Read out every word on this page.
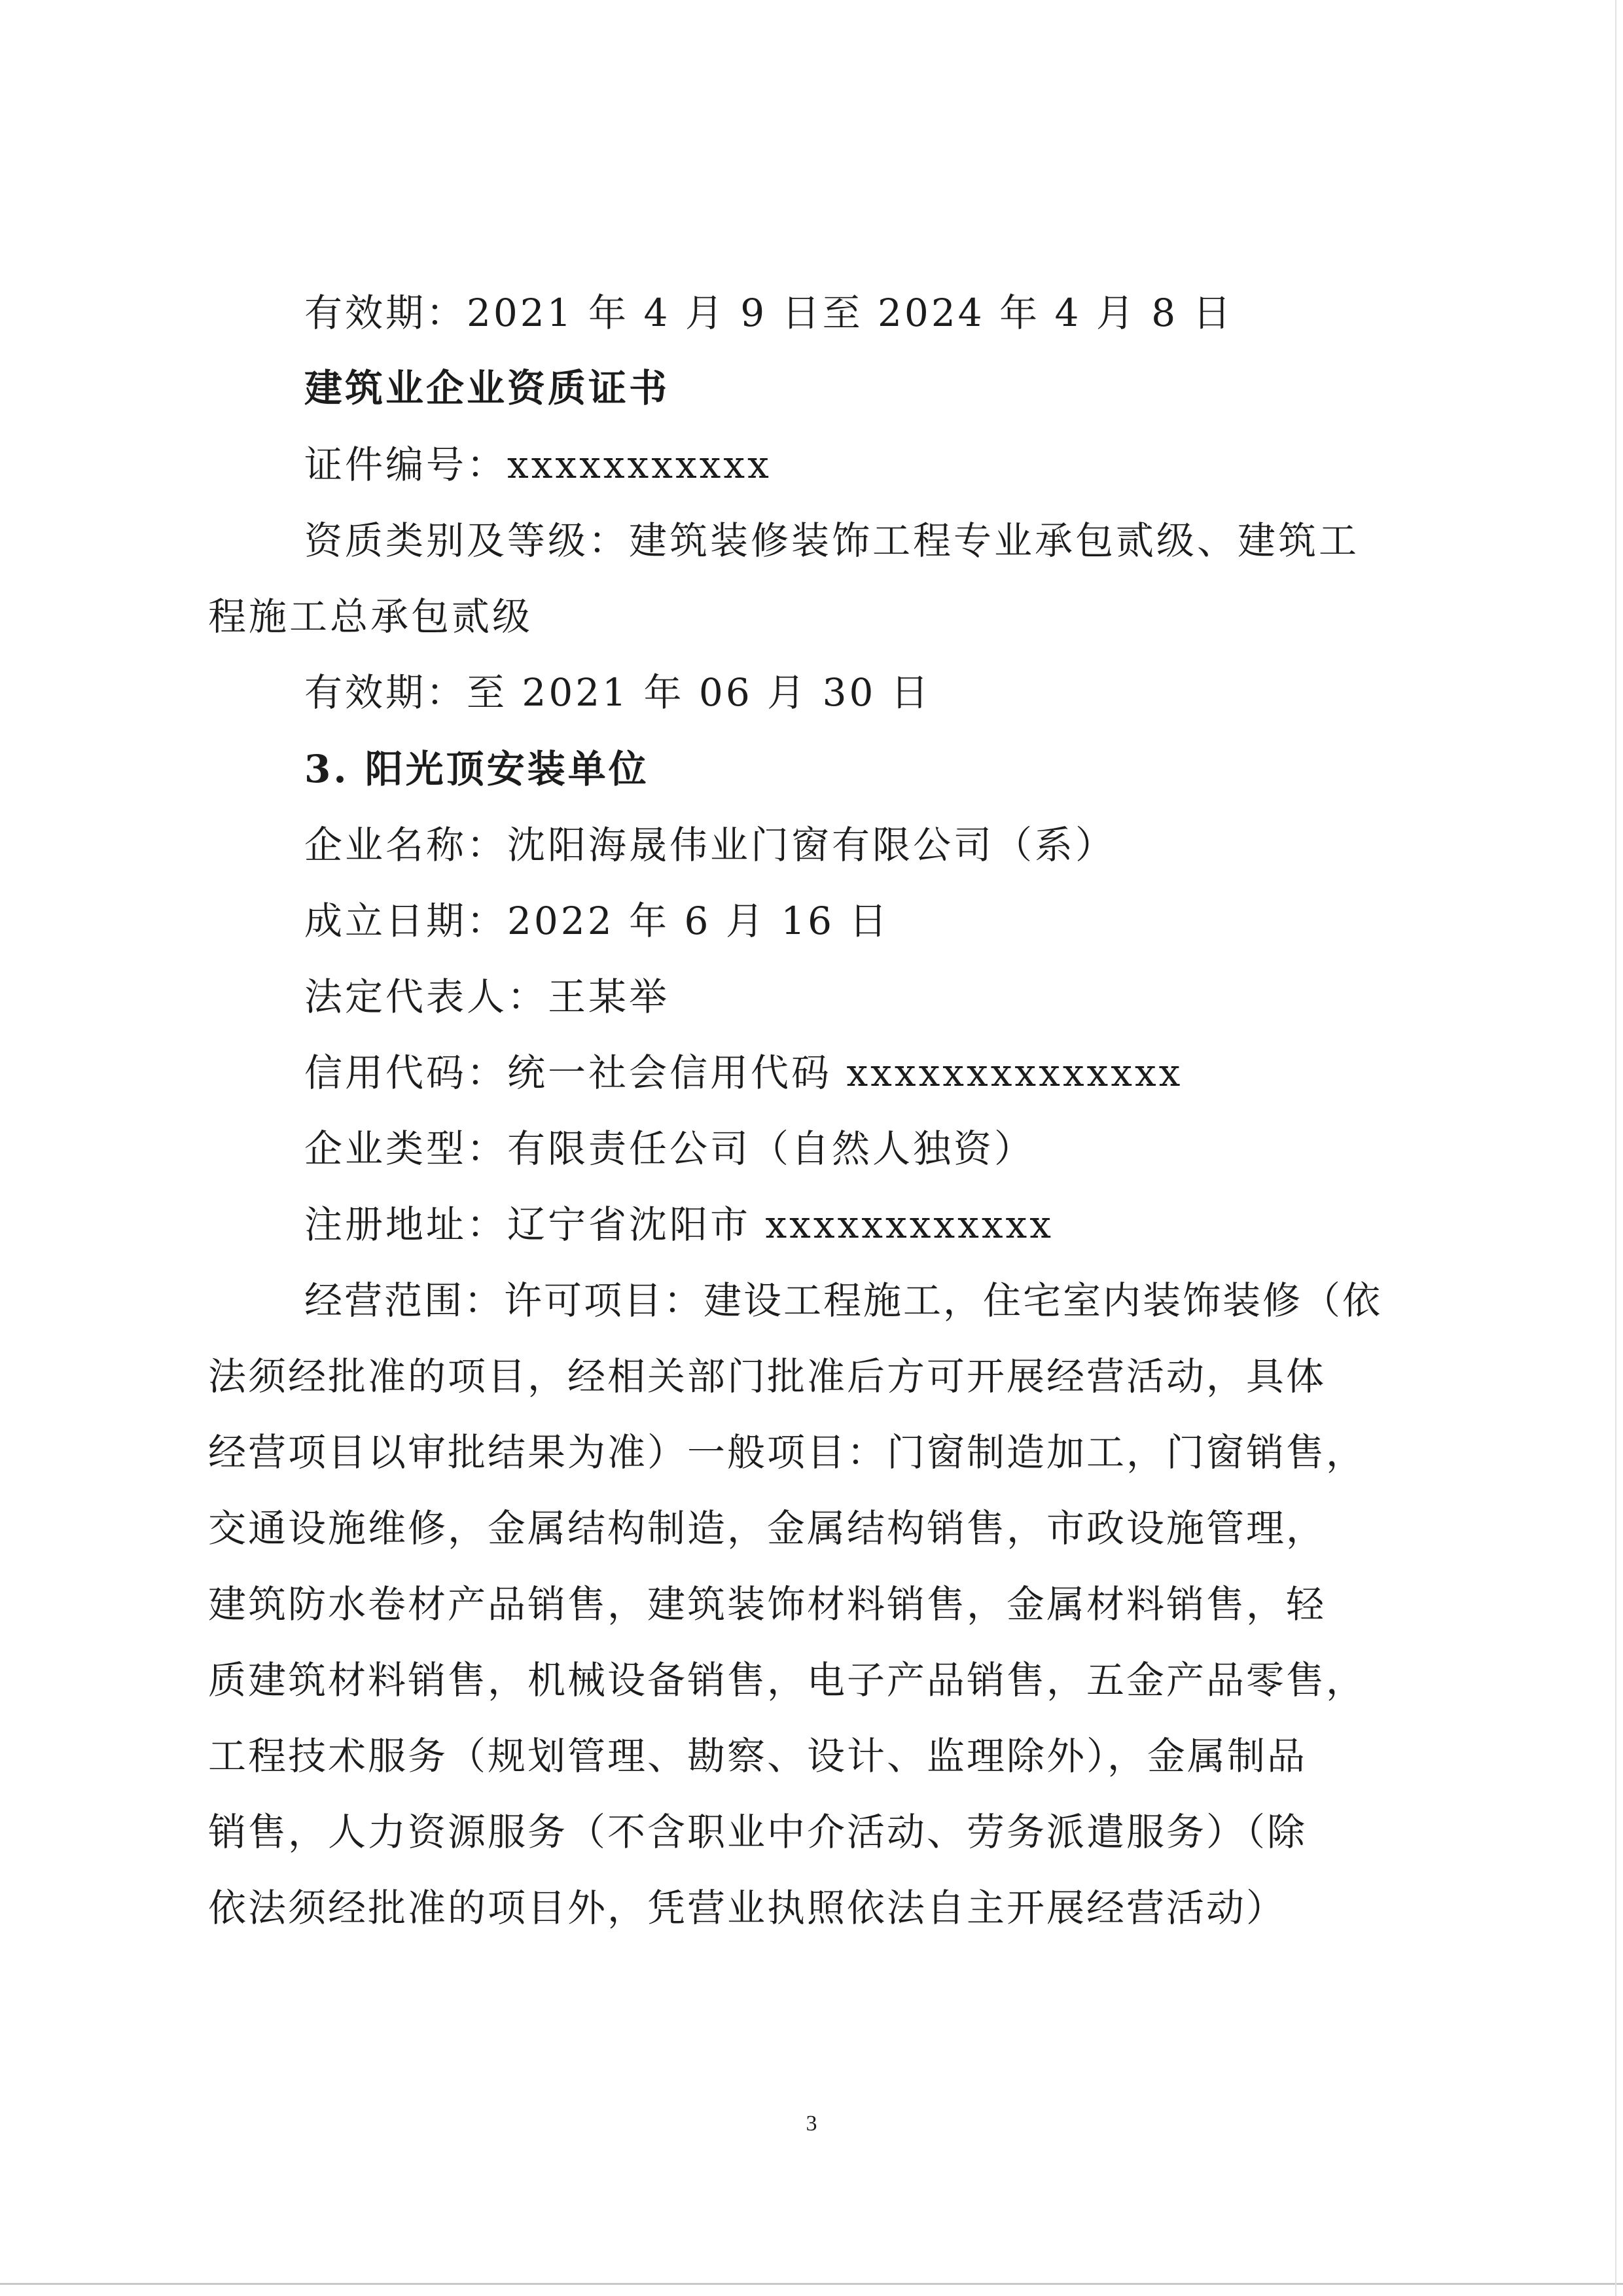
有效期：2021 年 4 月 9 日至 2024 年 4 月 8 日
建筑业企业资质证书
证件编号：xxxxxxxxxxx
资质类别及等级：建筑装修装饰工程专业承包贰级、建筑工
程施工总承包贰级
有效期：至 2021 年 06 月 30 日
3. 阳光顶安装单位
企业名称：沈阳海晟伟业门窗有限公司（系）
成立日期：2022 年 6 月 16 日
法定代表人：王某举
信用代码：统一社会信用代码 xxxxxxxxxxxxxx
企业类型：有限责任公司（自然人独资）
注册地址：辽宁省沈阳市 xxxxxxxxxxxx
经营范围：许可项目：建设工程施工，住宅室内装饰装修（依
法须经批准的项目，经相关部门批准后方可开展经营活动，具体
经营项目以审批结果为准）一般项目：门窗制造加工，门窗销售，
交通设施维修，金属结构制造，金属结构销售，市政设施管理，
建筑防水卷材产品销售，建筑装饰材料销售，金属材料销售，轻
质建筑材料销售，机械设备销售，电子产品销售，五金产品零售，
工程技术服务（规划管理、勘察、设计、监理除外），金属制品
销售，人力资源服务（不含职业中介活动、劳务派遣服务）（除
依法须经批准的项目外，凭营业执照依法自主开展经营活动）
3
